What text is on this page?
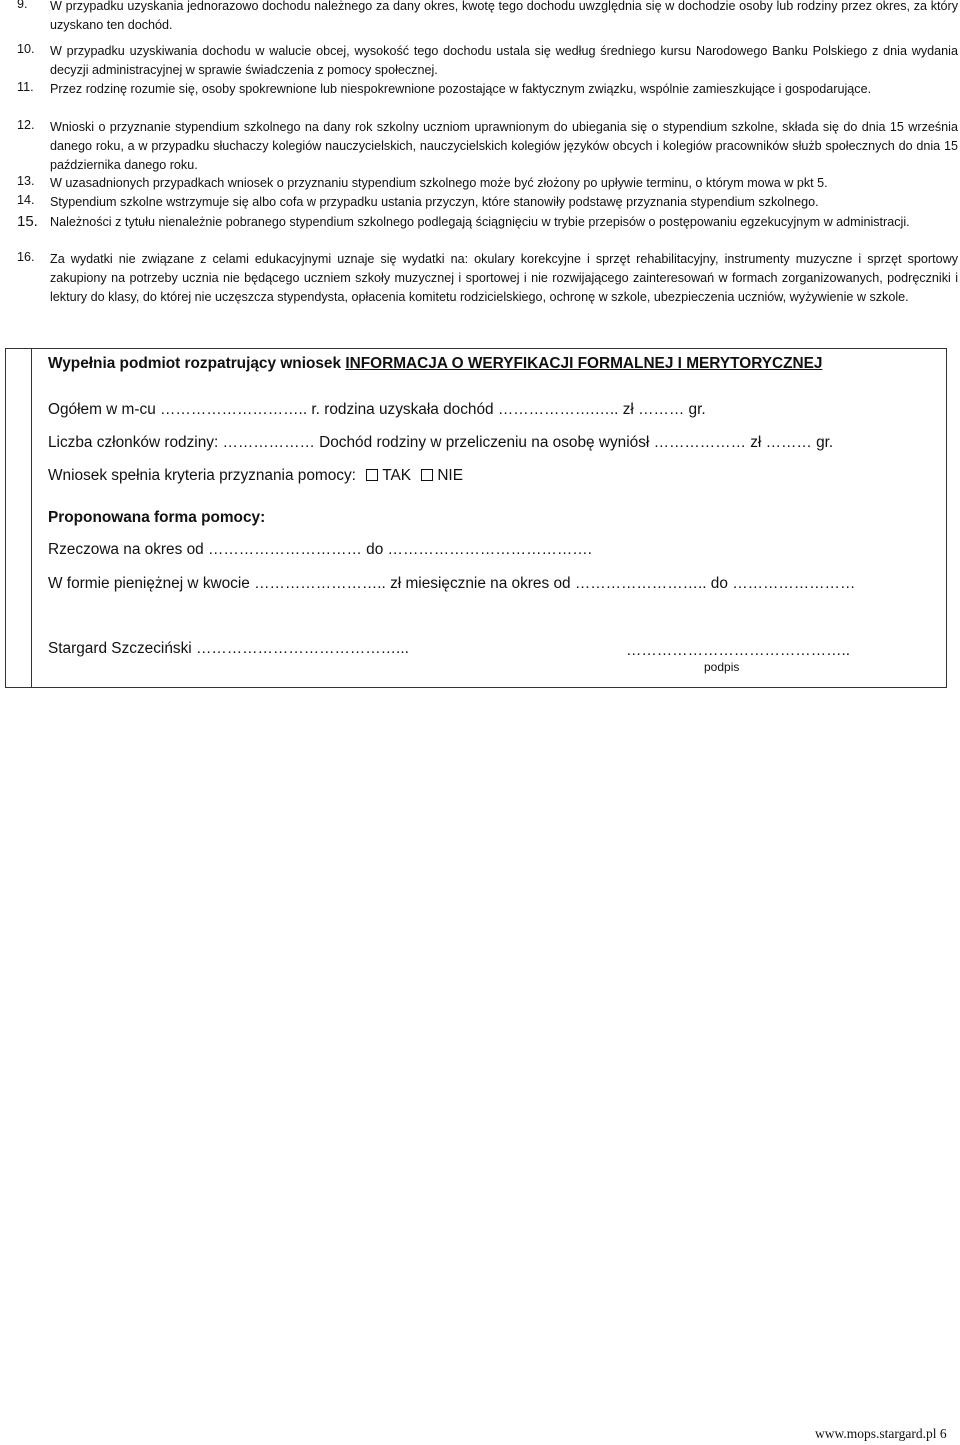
9.	W przypadku uzyskania jednorazowo dochodu należnego za dany okres, kwotę tego dochodu uwzględnia się w dochodzie osoby lub rodziny przez okres, za który uzyskano ten dochód.
10.	W przypadku uzyskiwania dochodu w walucie obcej, wysokość tego dochodu ustala się według średniego kursu Narodowego Banku Polskiego z dnia wydania decyzji administracyjnej w sprawie świadczenia z pomocy społecznej.
11.	Przez rodzinę rozumie się, osoby spokrewnione lub niespokrewnione pozostające w faktycznym związku, wspólnie zamieszkujące i gospodarujące.
12.	Wnioski o przyznanie stypendium szkolnego na dany rok szkolny uczniom uprawnionym do ubiegania się o stypendium szkolne, składa się do dnia 15 września danego roku, a w przypadku słuchaczy kolegiów nauczycielskich, nauczycielskich kolegiów języków obcych i kolegiów pracowników służb społecznych do dnia 15 października danego roku.
13.	W uzasadnionych przypadkach wniosek o przyznaniu stypendium szkolnego może być złożony po upływie terminu, o którym mowa w pkt 5.
14.	Stypendium szkolne wstrzymuje się albo cofa w przypadku ustania przyczyn, które stanowiły podstawę przyznania stypendium szkolnego.
15. Należności z tytułu nienależnie pobranego stypendium szkolnego podlegają ściągnięciu w trybie przepisów o postępowaniu egzekucyjnym w administracji.
16.	Za wydatki nie związane z celami edukacyjnymi uznaje się wydatki na: okulary korekcyjne i sprzęt rehabilitacyjny, instrumenty muzyczne i sprzęt sportowy zakupiony na potrzeby ucznia nie będącego uczniem szkoły muzycznej i sportowej i nie rozwijającego zainteresowań w formach zorganizowanych, podręczniki i lektury do klasy, do której nie uczęszcza stypendysta, opłacenia komitetu rodzicielskiego, ochronę w szkole, ubezpieczenia uczniów, wyżywienie w szkole.
Wypełnia podmiot rozpatrujący wniosek INFORMACJA O WERYFIKACJI FORMALNEJ I MERYTORYCZNEJ
Ogółem w m-cu ……………………….. r. rodzina uzyskała dochód ……………….….. zł ……… gr.
Liczba członków rodziny: ……………… Dochód rodziny w przeliczeniu na osobę wyniósł ……………… zł ……… gr.
Wniosek spełnia kryteria przyznania pomocy: TAK NIE
Proponowana forma pomocy:
Rzeczowa na okres od ………………………… do ………………………………….
W formie pieniężnej w kwocie …………………….. zł miesięcznie na okres od …………………….. do ……………………
Stargard Szczeciński …………………………………...	……………………………………..
podpis
www.mops.stargard.pl 6
